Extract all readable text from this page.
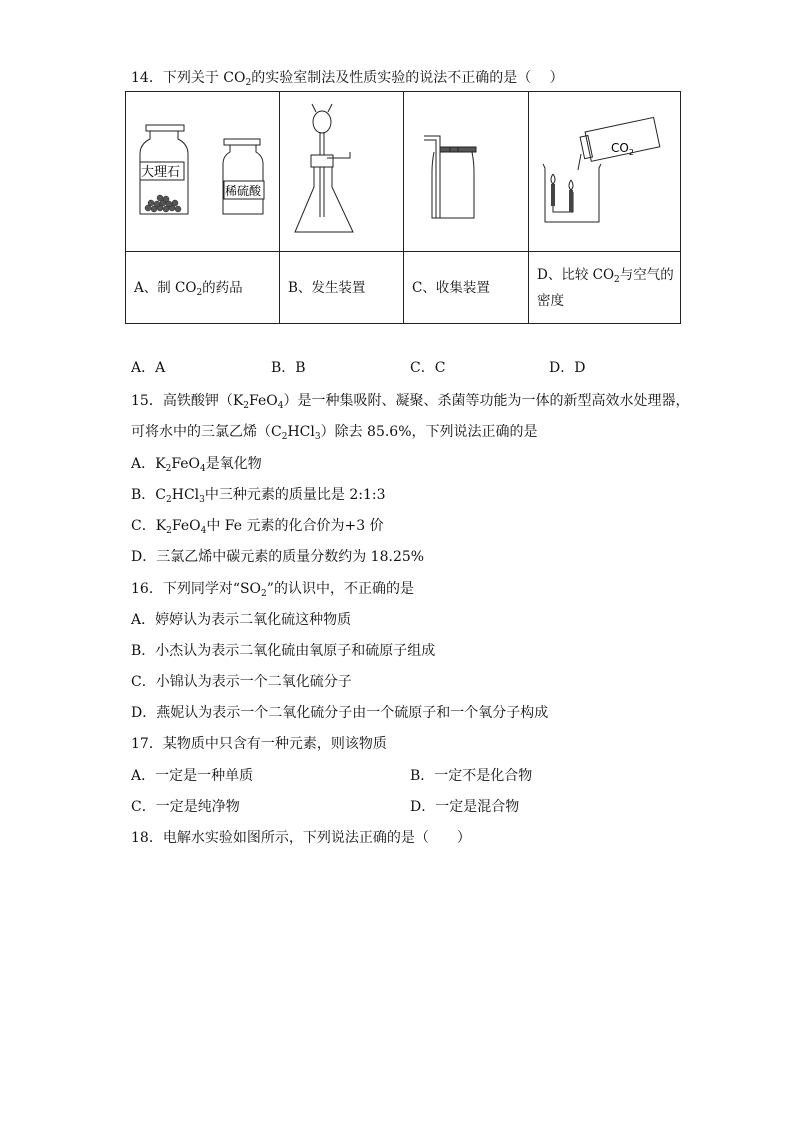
14．下列关于 $CO_2$的实验室制法及性质实验的说法不正确的是（　 ）
大理石
稀硫酸			$CO_2$

A、制 $CO_2$的药品	B、发生装置	C、收集装置	D、比较 $CO_2$与空气的
密度
A．A	B．B	C．C	D．D
15．高铁酸钾$(K_2FeO_4)$是一种集吸附、凝聚、杀菌等功能为一体的新型高效水处理器，
可将水中的三氯乙烯$(C_2HCl_3)$除去 85.6%，下列说法正确的是
A．$K_2FeO_4$是氧化物
B．$C_2HCl_3$中三种元素的质量比是 2:1:3
C．$K_2FeO_4$中 Fe 元素的化合价为+3 价
D．三氯乙烯中碳元素的质量分数约为 18.25%
16．下列同学对“$SO_2$”的认识中，不正确的是
A．婷婷认为表示二氧化硫这种物质
B．小杰认为表示二氧化硫由氧原子和硫原子组成
C．小锦认为表示一个二氧化硫分子
D．燕妮认为表示一个二氧化硫分子由一个硫原子和一个氧分子构成
17．某物质中只含有一种元素，则该物质
A．一定是一种单质	B．一定不是化合物
C．一定是纯净物	D．一定是混合物
18．电解水实验如图所示，下列说法正确的是（　　）
